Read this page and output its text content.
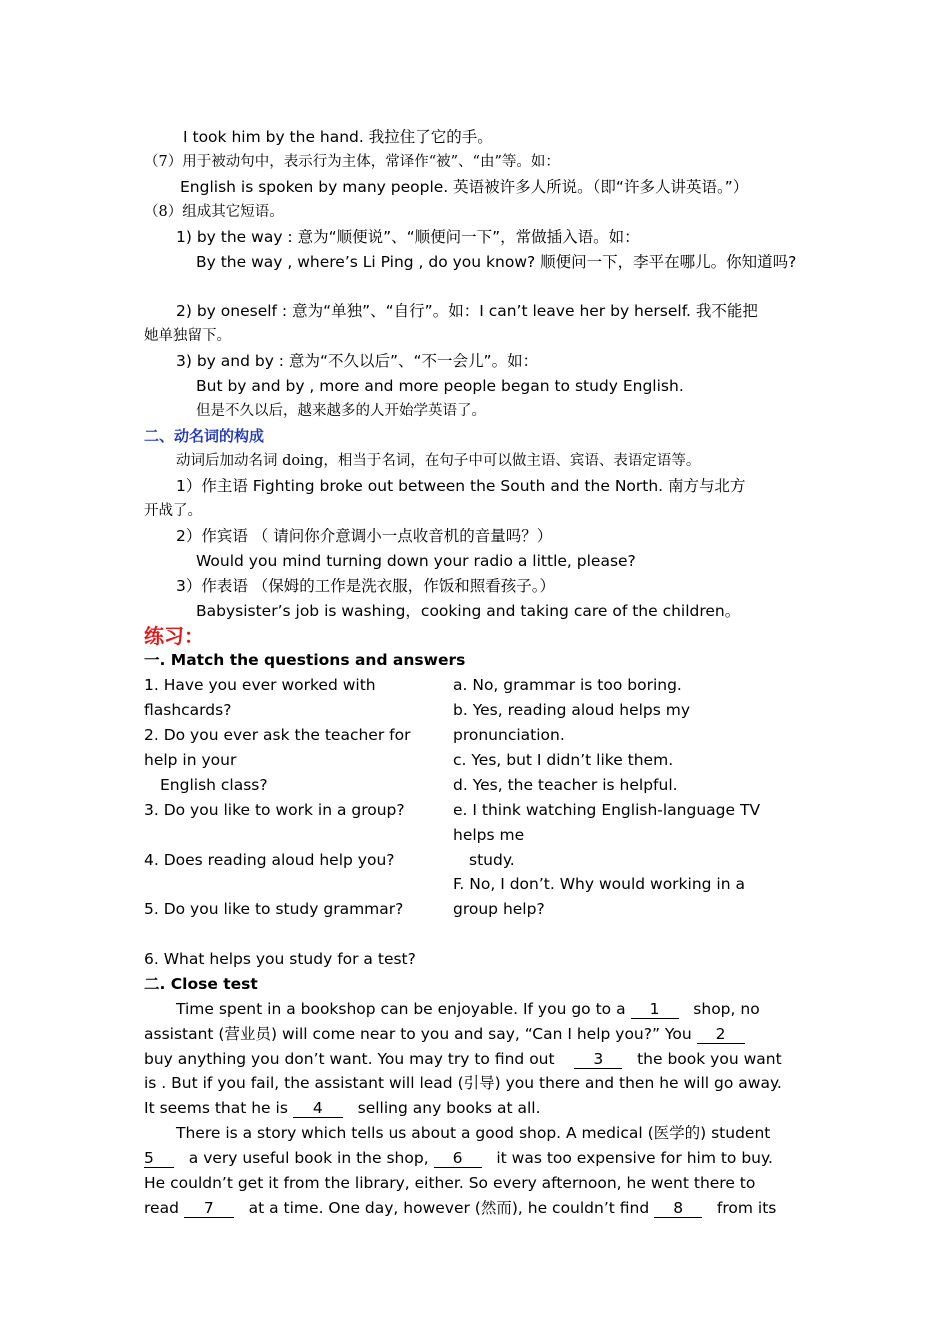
I took him by the hand. 我拉住了它的手。
（7）用于被动句中，表示行为主体，常译作“被”、“由”等。如：
English is spoken by many people. 英语被许多人所说。（即“许多人讲英语。”）
（8）组成其它短语。
1) by the way : 意为“顺便说”、“顺便问一下”，常做插入语。如：
By the way , where’s Li Ping , do you know? 顺便问一下，李平在哪儿。你知道吗?
2) by oneself : 意为“单独”、“自行”。如：I can’t leave her by herself. 我不能把
她单独留下。
3) by and by : 意为“不久以后”、“不一会儿”。如：
But by and by , more and more people began to study English.
但是不久以后，越来越多的人开始学英语了。
二、动名词的构成
动词后加动名词 doing，相当于名词，在句子中可以做主语、宾语、表语定语等。
1）作主语 Fighting broke out between the South and the North. 南方与北方
开战了。
2）作宾语 （ 请问你介意调小一点收音机的音量吗？）
Would you mind turning down your radio a little, please?
3）作表语 （保姆的工作是洗衣服，作饭和照看孩子。）
Babysister’s job is washing，cooking and taking care of the children。
练习：
一. Match the questions and answers
1. Have you ever worked with
flashcards?
2. Do you ever ask the teacher for
help in your
English class?
3. Do you like to work in a group?
4. Does reading aloud help you?
5. Do you like to study grammar?
6. What helps you study for a test?
a. No, grammar is too boring.
b. Yes, reading aloud helps my
pronunciation.
c. Yes, but I didn’t like them.
d. Yes, the teacher is helpful.
e. I think watching English-language TV
helps me
study.
F. No, I don’t. Why would working in a
group help?
二. Close test
Time spent in a bookshop can be enjoyable. If you go to a 1 shop, no
assistant (营业员) will come near to you and say, “Can I help you?” You 2
buy anything you don’t want. You may try to find out	3 the book you want
is . But if you fail, the assistant will lead (引导) you there and then he will go away.
It seems that he is 4 selling any books at all.
There is a story which tells us about a good shop. A medical (医学的) student
5 a very useful book in the shop, 6 it was too expensive for him to buy.
He couldn’t get it from the library, either. So every afternoon, he went there to
read 7 at a time. One day, however (然而), he couldn’t find 8 from its
